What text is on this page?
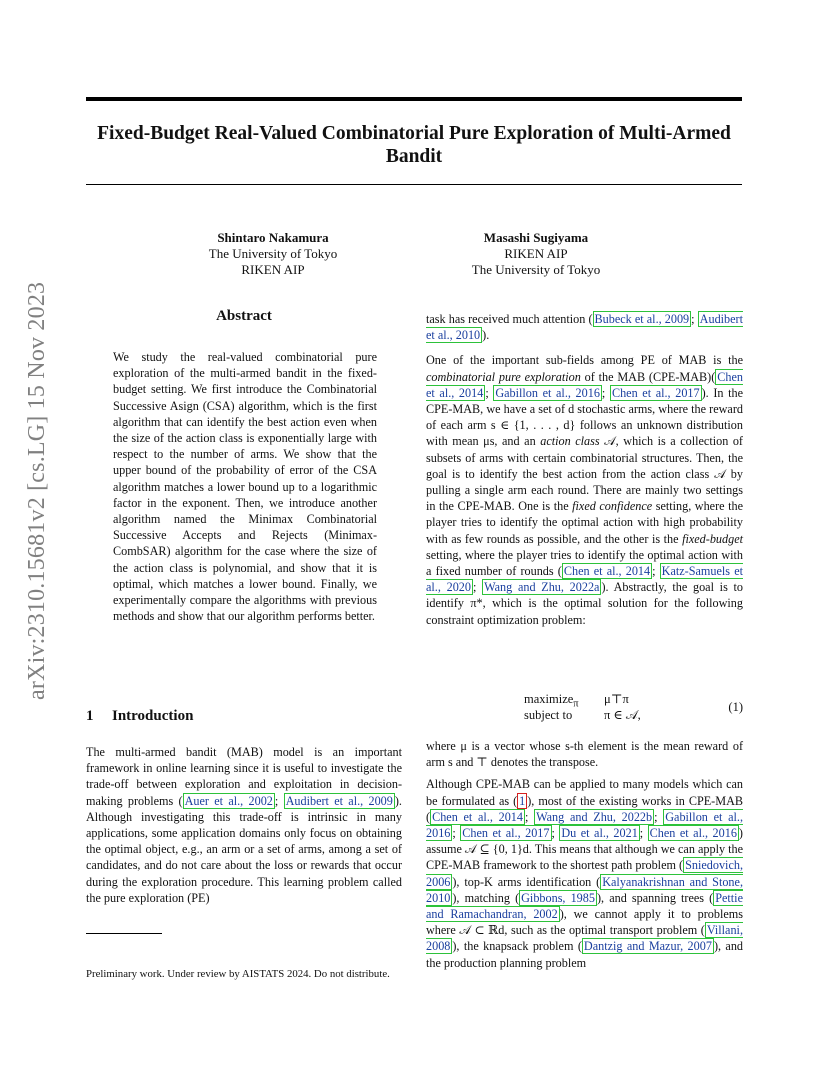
arXiv:2310.15681v2 [cs.LG] 15 Nov 2023
Fixed-Budget Real-Valued Combinatorial Pure Exploration of Multi-Armed Bandit
Shintaro Nakamura
The University of Tokyo
RIKEN AIP
Masashi Sugiyama
RIKEN AIP
The University of Tokyo
Abstract
We study the real-valued combinatorial pure exploration of the multi-armed bandit in the fixed-budget setting. We first introduce the Combinatorial Successive Asign (CSA) algorithm, which is the first algorithm that can identify the best action even when the size of the action class is exponentially large with respect to the number of arms. We show that the upper bound of the probability of error of the CSA algorithm matches a lower bound up to a logarithmic factor in the exponent. Then, we introduce another algorithm named the Minimax Combinatorial Successive Accepts and Rejects (Minimax-CombSAR) algorithm for the case where the size of the action class is polynomial, and show that it is optimal, which matches a lower bound. Finally, we experimentally compare the algorithms with previous methods and show that our algorithm performs better.
1 Introduction
The multi-armed bandit (MAB) model is an important framework in online learning since it is useful to investigate the trade-off between exploration and exploitation in decision-making problems ( Auer et al., 2002 ; Audibert et al., 2009 ). Although investigating this trade-off is intrinsic in many applications, some application domains only focus on obtaining the optimal object, e.g., an arm or a set of arms, among a set of candidates, and do not care about the loss or rewards that occur during the exploration procedure. This learning problem called the pure exploration (PE)
Preliminary work. Under review by AISTATS 2024. Do not distribute.

task has received much attention ( Bubeck et al., 2009 ; Audibert et al., 2010 ).

One of the important sub-fields among PE of MAB is the combinatorial pure exploration of the MAB (CPE-MAB)( Chen et al., 2014 ; Gabillon et al., 2016 ; Chen et al., 2017 ). In the CPE-MAB, we have a set of d stochastic arms, where the reward of each arm s ∈ {1, . . . , d} follows an unknown distribution with mean μs, and an action class 𝒜, which is a collection of subsets of arms with certain combinatorial structures. Then, the goal is to identify the best action from the action class 𝒜 by pulling a single arm each round. There are mainly two settings in the CPE-MAB. One is the fixed confidence setting, where the player tries to identify the optimal action with high probability with as few rounds as possible, and the other is the fixed-budget setting, where the player tries to identify the optimal action with a fixed number of rounds ( Chen et al., 2014 ; Katz-Samuels et al., 2020 ; Wang and Zhu, 2022a ). Abstractly, the goal is to identify π*, which is the optimal solution for the following constraint optimization problem:

maximize$_\pi$ μ⊤π
subject to	π ∈ 𝒜,
(1)

where μ is a vector whose s-th element is the mean reward of arm s and ⊤ denotes the transpose.

Although CPE-MAB can be applied to many models which can be formulated as ( 1 ), most of the existing works in CPE-MAB ( Chen et al., 2014 ; Wang and Zhu, 2022b ; Gabillon et al., 2016 ; Chen et al., 2017 ; Du et al., 2021 ; Chen et al., 2016 ) assume 𝒜 ⊆ {0, 1}d. This means that although we can apply the CPE-MAB framework to the shortest path problem ( Sniedovich, 2006 ), top-K arms identification ( Kalyanakrishnan and Stone, 2010 ), matching ( Gibbons, 1985 ), and spanning trees ( Pettie and Ramachandran, 2002 ), we cannot apply it to problems where 𝒜 ⊂ ℝd, such as the optimal transport problem ( Villani, 2008 ), the knapsack problem ( Dantzig and Mazur, 2007 ), and the production planning problem
